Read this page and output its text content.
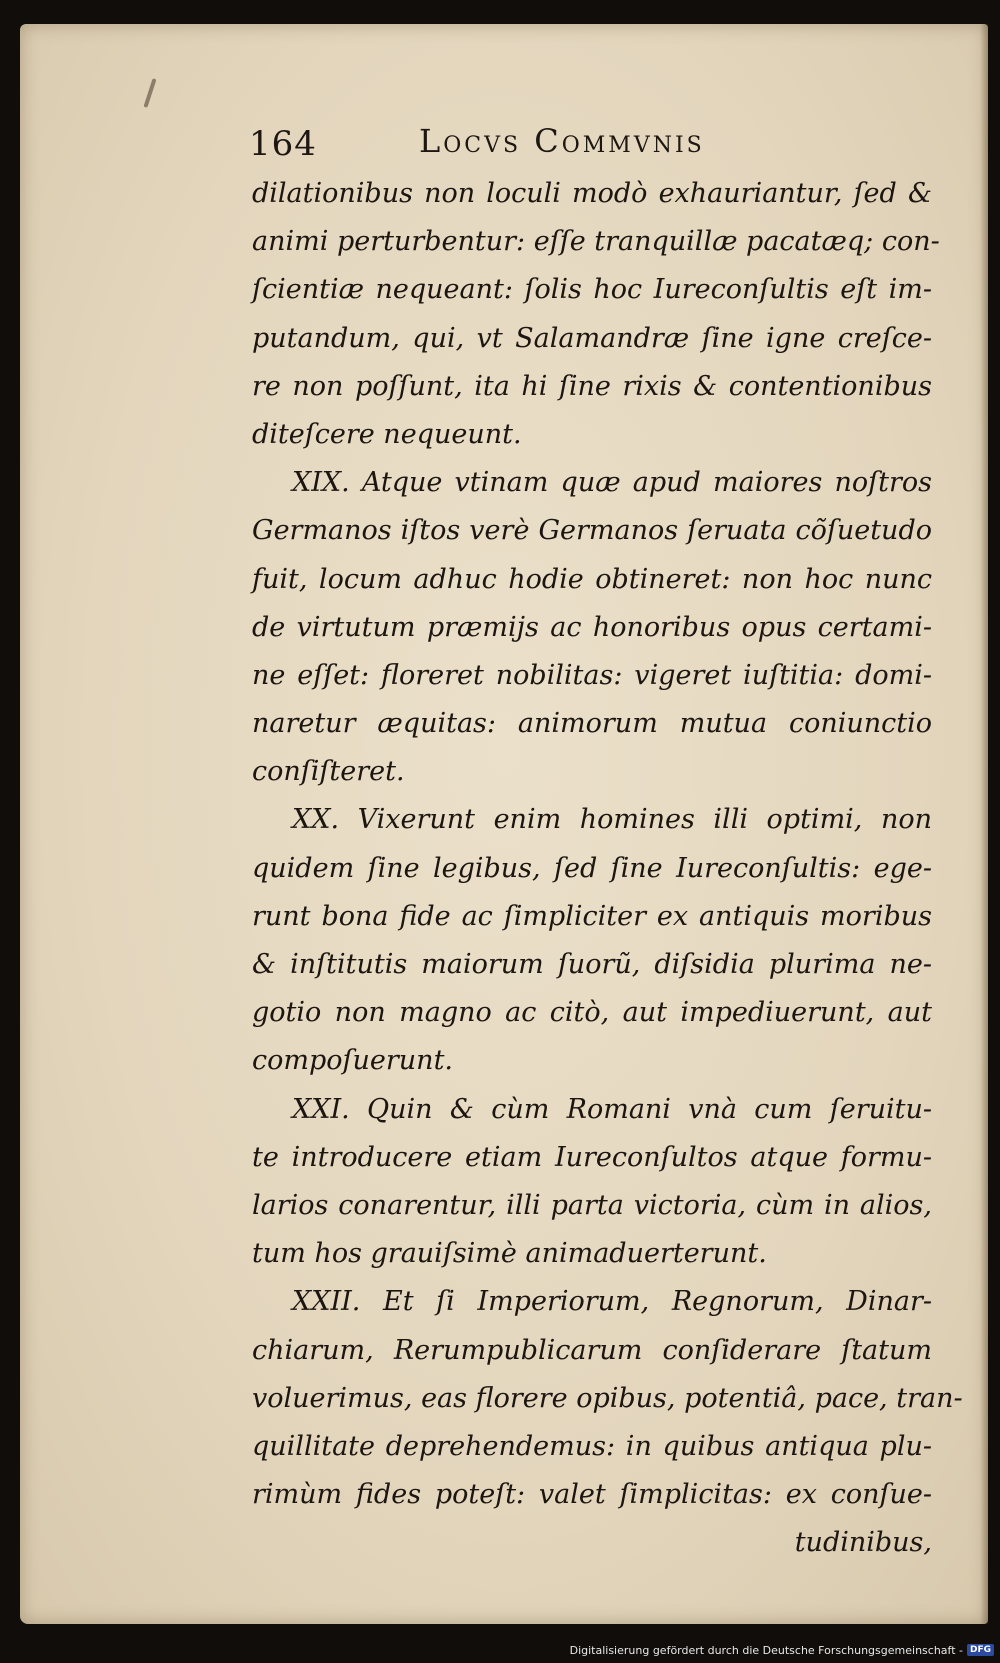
164	Locvs Commvnis
dilationibus non loculi modò exhauriantur, ſed &
animi perturbentur: eſſe tranquillæ pacatæq; con-
ſcientiæ nequeant: ſolis hoc Iureconſultis eſt im-
putandum, qui, vt Salamandræ ſine igne creſce-
re non poſſunt, ita hi ſine rixis & contentionibus
diteſcere nequeunt.
XIX. Atque vtinam quæ apud maiores noſtros
Germanos iſtos verè Germanos ſeruata cõſuetudo
fuit, locum adhuc hodie obtineret: non hoc nunc
de virtutum præmijs ac honoribus opus certami-
ne eſſet: floreret nobilitas: vigeret iuſtitia: domi-
naretur æquitas: animorum mutua coniunctio
conſiſteret.
XX. Vixerunt enim homines illi optimi, non
quidem ſine legibus, ſed ſine Iureconſultis: ege-
runt bona fide ac ſimpliciter ex antiquis moribus
& inſtitutis maiorum ſuorũ, diſsidia plurima ne-
gotio non magno ac citò, aut impediuerunt, aut
compoſuerunt.
XXI. Quin & cùm Romani vnà cum ſeruitu-
te introducere etiam Iureconſultos atque formu-
larios conarentur, illi parta victoria, cùm in alios,
tum hos grauiſsimè animaduerterunt.
XXII. Et ſi Imperiorum, Regnorum, Dinar-
chiarum, Rerumpublicarum conſiderare ſtatum
voluerimus, eas florere opibus, potentiâ, pace, tran-
quillitate deprehendemus: in quibus antiqua plu-
rimùm fides poteſt: valet ſimplicitas: ex conſue-
tudinibus,
Digitalisierung gefördert durch die Deutsche Forschungsgemeinschaft - DFG
